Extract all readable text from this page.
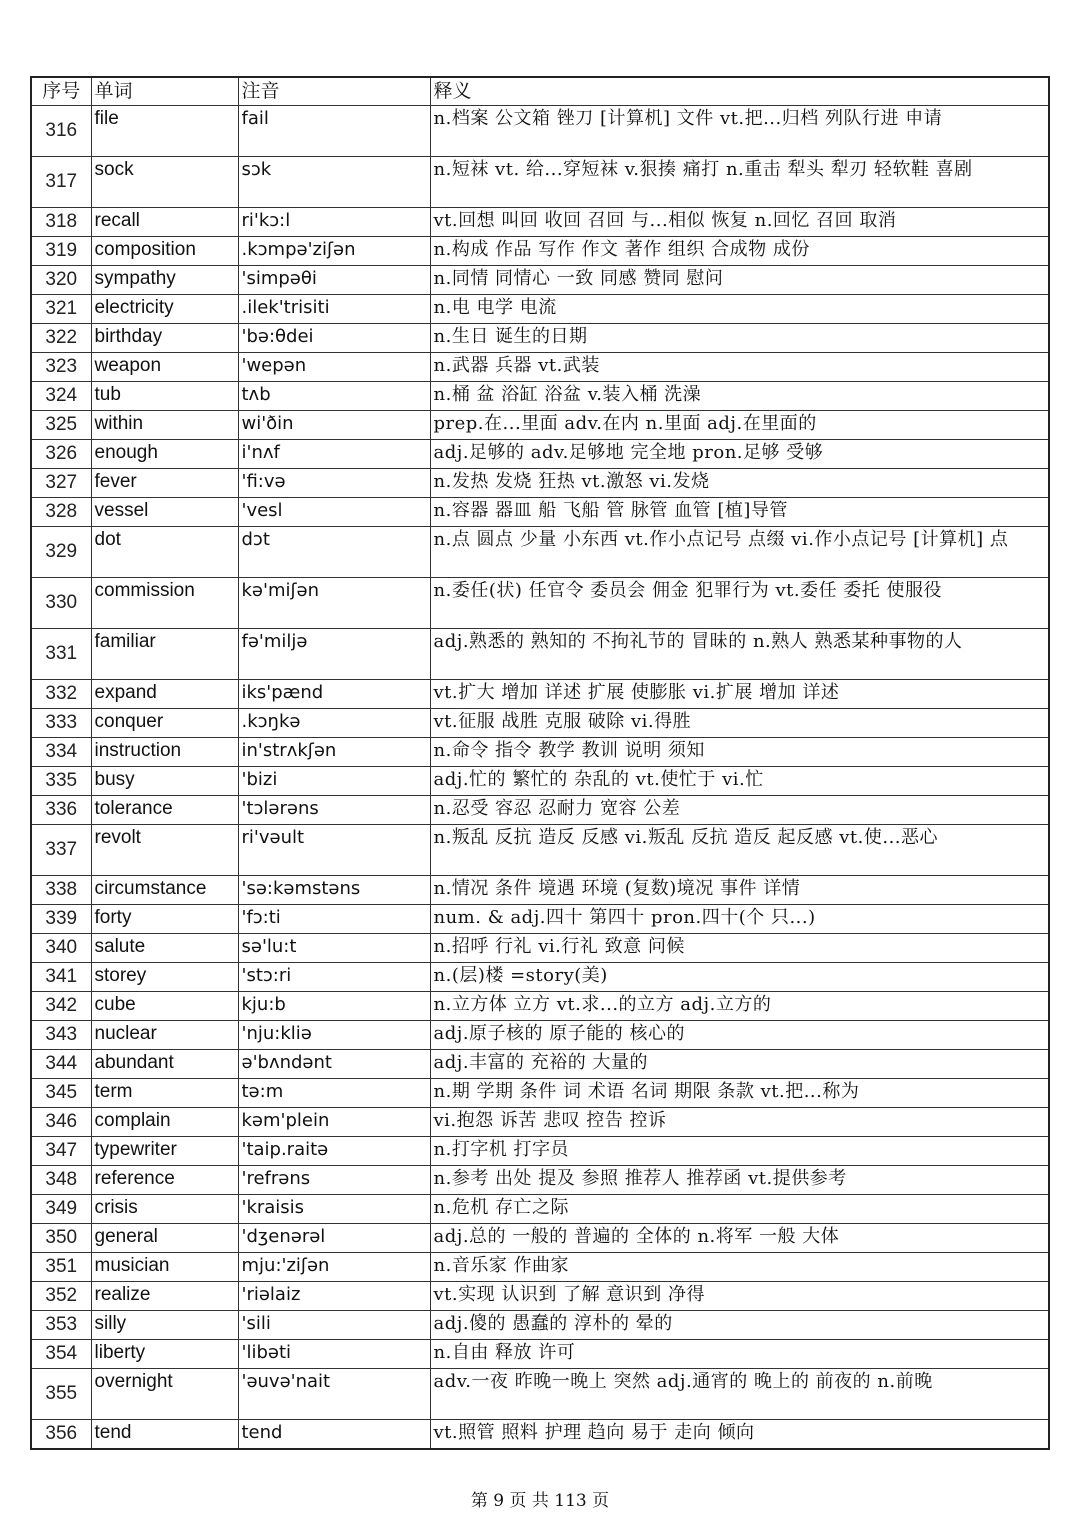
序号	单词	注音	释义
316	file	fail	n.档案 公文箱 锉刀 [计算机] 文件 vt.把...归档 列队行进 申请
317	sock	sɔk	n.短袜 vt. 给...穿短袜 v.狠揍 痛打 n.重击 犁头 犁刃 轻软鞋 喜剧
318	recall	ri'kɔ:l	vt.回想 叫回 收回 召回 与...相似 恢复 n.回忆 召回 取消
319	composition	.kɔmpə'ziʃən	n.构成 作品 写作 作文 著作 组织 合成物 成份
320	sympathy	'simpəθi	n.同情 同情心 一致 同感 赞同 慰问
321	electricity	.ilek'trisiti	n.电 电学 电流
322	birthday	'bə:θdei	n.生日 诞生的日期
323	weapon	'wepən	n.武器 兵器 vt.武装
324	tub	tʌb	n.桶 盆 浴缸 浴盆 v.装入桶 洗澡
325	within	wi'ðin	prep.在...里面 adv.在内 n.里面 adj.在里面的
326	enough	i'nʌf	adj.足够的 adv.足够地 完全地 pron.足够 受够
327	fever	'fi:və	n.发热 发烧 狂热 vt.激怒 vi.发烧
328	vessel	'vesl	n.容器 器皿 船 飞船 管 脉管 血管 [植]导管
329	dot	dɔt	n.点 圆点 少量 小东西 vt.作小点记号 点缀 vi.作小点记号 [计算机] 点
330	commission	kə'miʃən	n.委任(状) 任官令 委员会 佣金 犯罪行为 vt.委任 委托 使服役
331	familiar	fə'miljə	adj.熟悉的 熟知的 不拘礼节的 冒昧的 n.熟人 熟悉某种事物的人
332	expand	iks'pænd	vt.扩大 增加 详述 扩展 使膨胀 vi.扩展 增加 详述
333	conquer	.kɔŋkə	vt.征服 战胜 克服 破除 vi.得胜
334	instruction	in'strʌkʃən	n.命令 指令 教学 教训 说明 须知
335	busy	'bizi	adj.忙的 繁忙的 杂乱的 vt.使忙于 vi.忙
336	tolerance	'tɔlərəns	n.忍受 容忍 忍耐力 宽容 公差
337	revolt	ri'vəult	n.叛乱 反抗 造反 反感 vi.叛乱 反抗 造反 起反感 vt.使...恶心
338	circumstance	'sə:kəmstəns	n.情况 条件 境遇 环境 (复数)境况 事件 详情
339	forty	'fɔ:ti	num. & adj.四十 第四十 pron.四十(个 只...)
340	salute	sə'lu:t	n.招呼 行礼 vi.行礼 致意 问候
341	storey	'stɔ:ri	n.(层)楼 =story(美)
342	cube	kju:b	n.立方体 立方 vt.求...的立方 adj.立方的
343	nuclear	'nju:kliə	adj.原子核的 原子能的 核心的
344	abundant	ə'bʌndənt	adj.丰富的 充裕的 大量的
345	term	tə:m	n.期 学期 条件 词 术语 名词 期限 条款 vt.把...称为
346	complain	kəm'plein	vi.抱怨 诉苦 悲叹 控告 控诉
347	typewriter	'taip.raitə	n.打字机 打字员
348	reference	'refrəns	n.参考 出处 提及 参照 推荐人 推荐函 vt.提供参考
349	crisis	'kraisis	n.危机 存亡之际
350	general	'dʒenərəl	adj.总的 一般的 普遍的 全体的 n.将军 一般 大体
351	musician	mju:'ziʃən	n.音乐家 作曲家
352	realize	'riəlaiz	vt.实现 认识到 了解 意识到 净得
353	silly	'sili	adj.傻的 愚蠢的 淳朴的 晕的
354	liberty	'libəti	n.自由 释放 许可
355	overnight	'əuvə'nait	adv.一夜 昨晚一晚上 突然 adj.通宵的 晚上的 前夜的 n.前晚
356	tend	tend	vt.照管 照料 护理 趋向 易于 走向 倾向
第 9 页 共 113 页
